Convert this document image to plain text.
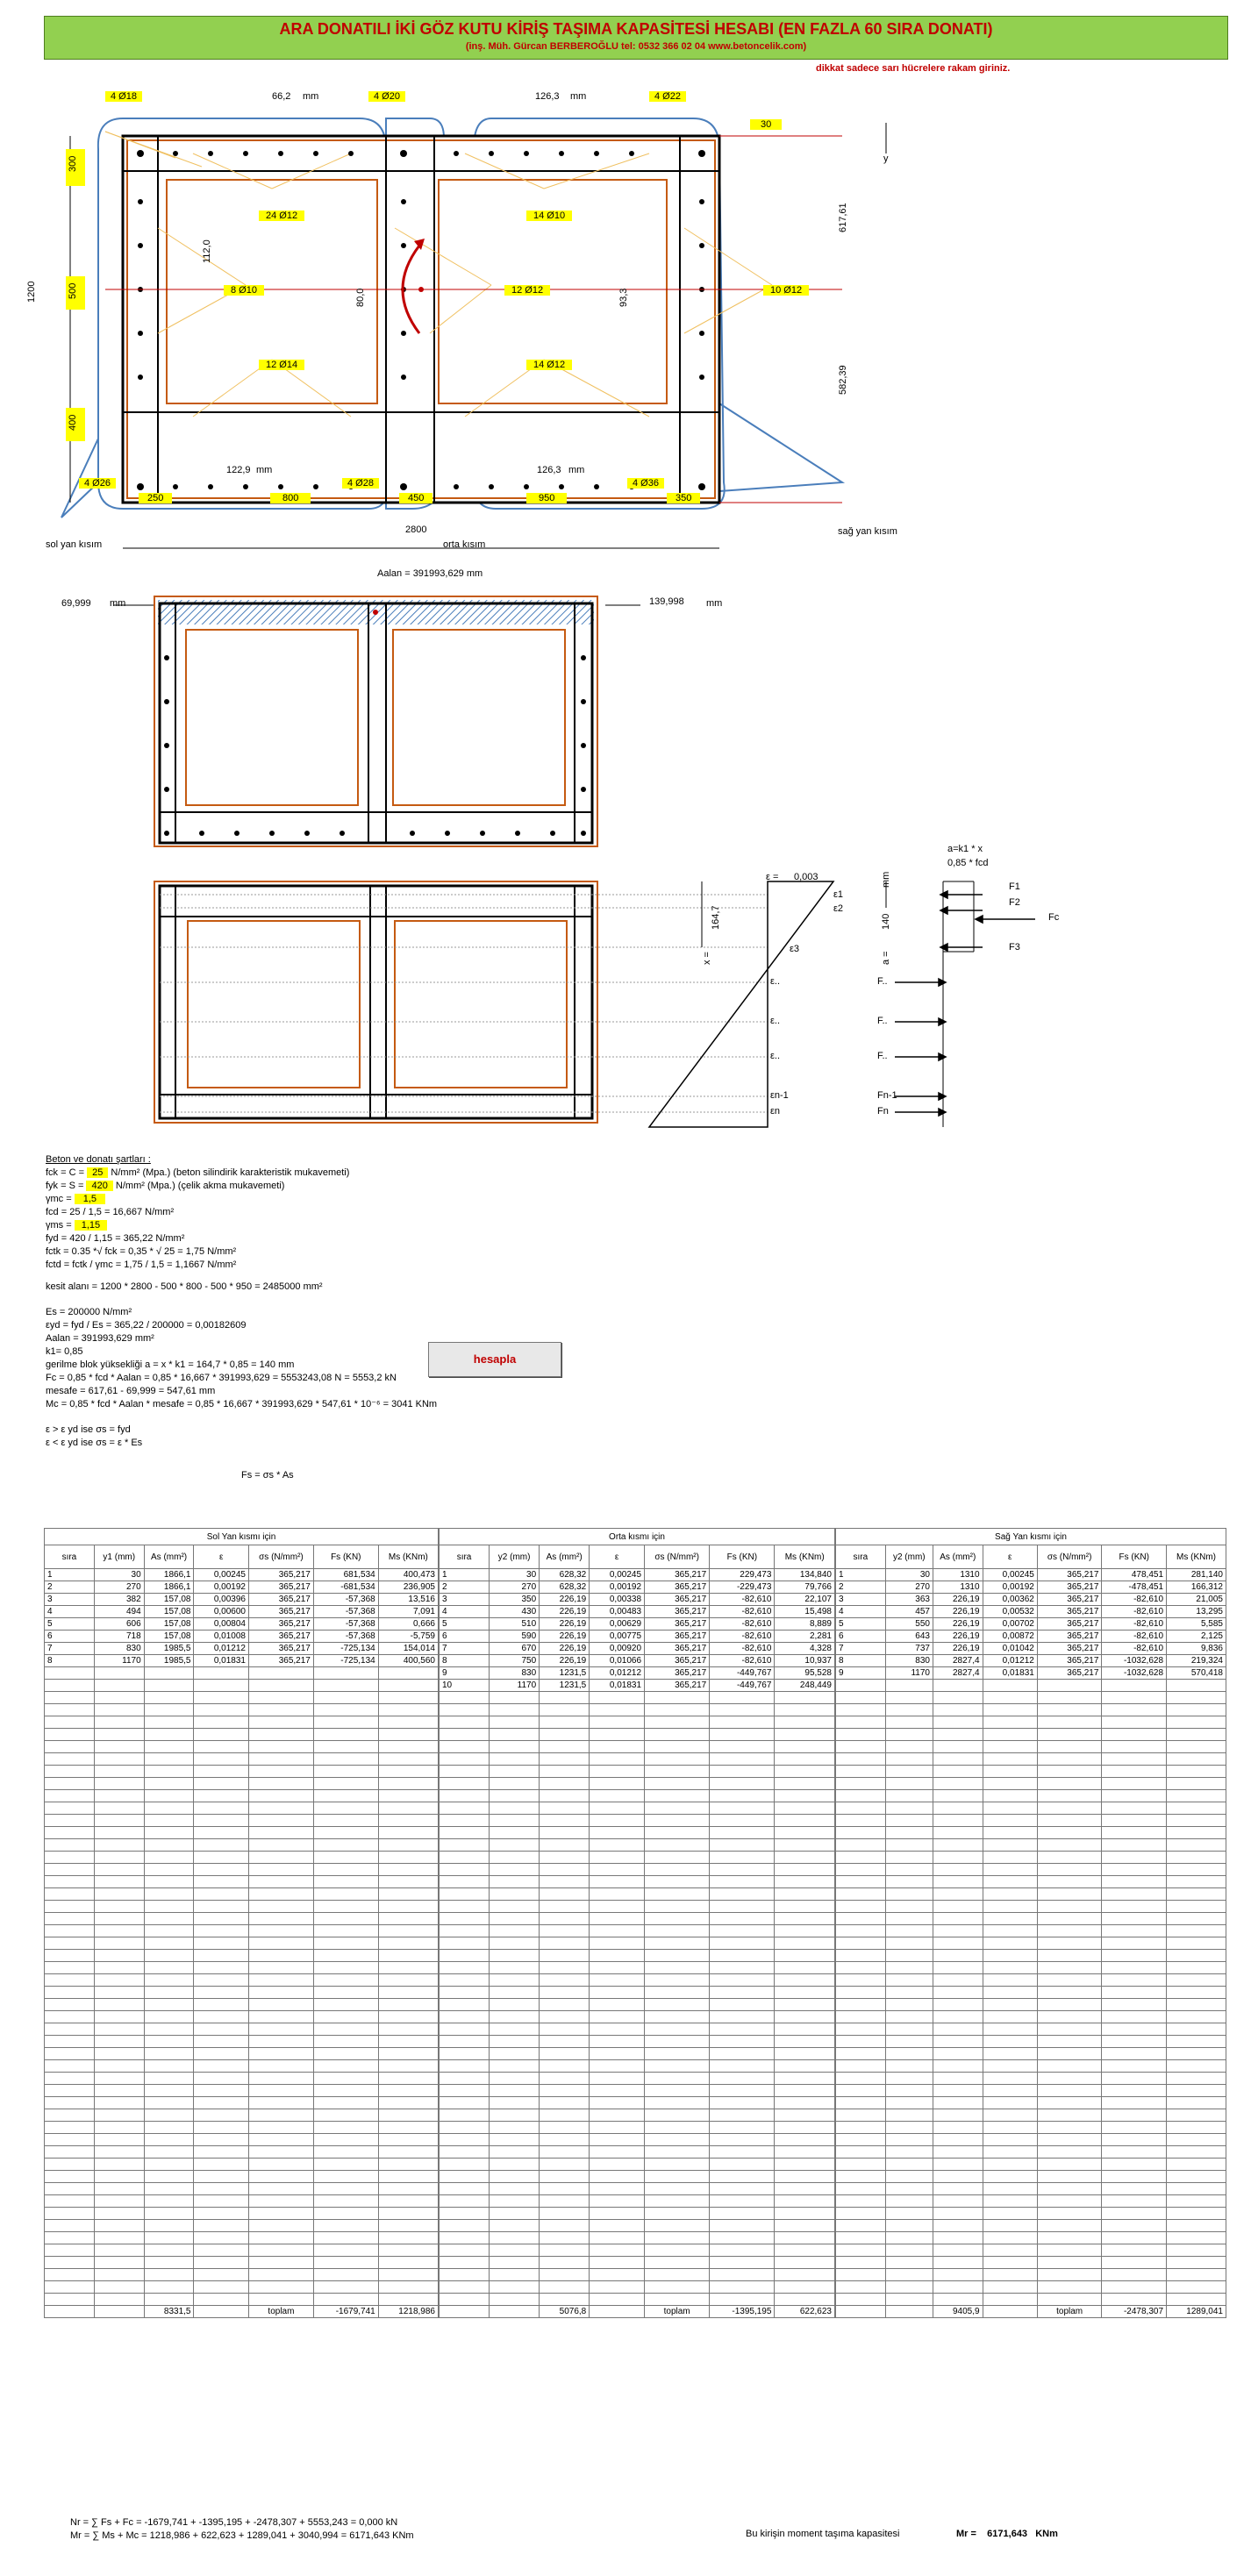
ARA DONATILI İKİ GÖZ KUTU KİRİŞ TAŞIMA KAPASİTESİ HESABI (EN FAZLA 60 SIRA DONATI)
(inş. Müh. Gürcan BERBEROĞLU tel: 0532 366 02 04 www.betoncelik.com)
dikkat sadece sarı hücrelere rakam giriniz.
4 Ø18	4 Ø20	4 Ø22
4 Ø26	4 Ø28	4 Ø36
24 Ø12
8 Ø10
12 Ø14
14 Ø10
12 Ø12	10 Ø12
14 Ø12
66,2 mm	126,3 mm
30
y
122,9 mm	126,3 mm
300
500
400
1200
112,0
80,0	93,3
617,61
582,39
250	800	450	950	350
2800
sol yan kısım	orta kısım
sağ yan kısım
Aalan = 391993,629 mm
69,999 mm	139,998 mm
ε = 0,003
ε1
ε2
ε3
ε..
ε..
ε..
εn-1
εn
F1
F2
Fc
F3
F..
F..
F..
Fn-1
Fn
a=k1 * x
0,85 * fcd
mm
140
a =
164,7
x =
Beton ve donatı şartları :
fck = C = 25 N/mm² (Mpa.) (beton silindirik karakteristik mukavemeti)
fyk = S = 420 N/mm² (Mpa.) (çelik akma mukavemeti)
γmc = 1,5
fcd = 25 / 1,5 = 16,667 N/mm²
γms = 1,15
fyd = 420 / 1,15 = 365,22 N/mm²
fctk = 0.35 *√ fck = 0,35 * √ 25 = 1,75 N/mm²
fctd = fctk / γmc = 1,75 / 1,5 = 1,1667 N/mm²
kesit alanı = 1200 * 2800 - 500 * 800 - 500 * 950 = 2485000 mm²
Es = 200000 N/mm²
εyd = fyd / Es = 365,22 / 200000 = 0,00182609
Aalan = 391993,629 mm²
k1= 0,85
gerilme blok yüksekliği a = x * k1 = 164,7 * 0,85 = 140 mm
Fc = 0,85 * fcd * Aalan = 0,85 * 16,667 * 391993,629 = 5553243,08 N = 5553,2 kN
mesafe = 617,61 - 69,999 = 547,61 mm
Mc = 0,85 * fcd * Aalan * mesafe = 0,85 * 16,667 * 391993,629 * 547,61 * 10⁻⁶ = 3041 KNm
ε > ε yd ise σs = fyd
ε < ε yd ise σs = ε * Es
Fs = σs * As
hesapla
Sol Yan kısmı için						
sıra	y1 (mm)	As (mm²)	ε	σs (N/mm²)	Fs (KN)	Ms (KNm)
1	30	1866,1	0,00245	365,217	681,534	400,473
2	270	1866,1	0,00192	365,217	-681,534	236,905
3	382	157,08	0,00396	365,217	-57,368	13,516
4	494	157,08	0,00600	365,217	-57,368	7,091
5	606	157,08	0,00804	365,217	-57,368	0,666
6	718	157,08	0,01008	365,217	-57,368	-5,759
7	830	1985,5	0,01212	365,217	-725,134	154,014
8	1170	1985,5	0,01831	365,217	-725,134	400,560

		8331,5		toplam	-1679,741	1218,986
Orta kısmı için						
sıra	y2 (mm)	As (mm²)	ε	σs (N/mm²)	Fs (KN)	Ms (KNm)
1	30	628,32	0,00245	365,217	229,473	134,840
2	270	628,32	0,00192	365,217	-229,473	79,766
3	350	226,19	0,00338	365,217	-82,610	22,107
4	430	226,19	0,00483	365,217	-82,610	15,498
5	510	226,19	0,00629	365,217	-82,610	8,889
6	590	226,19	0,00775	365,217	-82,610	2,281
7	670	226,19	0,00920	365,217	-82,610	4,328
8	750	226,19	0,01066	365,217	-82,610	10,937
9	830	1231,5	0,01212	365,217	-449,767	95,528
10	1170	1231,5	0,01831	365,217	-449,767	248,449

		5076,8		toplam	-1395,195	622,623
Sağ Yan kısmı için						
sıra	y2 (mm)	As (mm²)	ε	σs (N/mm²)	Fs (KN)	Ms (KNm)
1	30	1310	0,00245	365,217	478,451	281,140
2	270	1310	0,00192	365,217	-478,451	166,312
3	363	226,19	0,00362	365,217	-82,610	21,005
4	457	226,19	0,00532	365,217	-82,610	13,295
5	550	226,19	0,00702	365,217	-82,610	5,585
6	643	226,19	0,00872	365,217	-82,610	2,125
7	737	226,19	0,01042	365,217	-82,610	9,836
8	830	2827,4	0,01212	365,217	-1032,628	219,324
9	1170	2827,4	0,01831	365,217	-1032,628	570,418

		9405,9		toplam	-2478,307	1289,041
Nr = ∑ Fs + Fc = -1679,741 + -1395,195 + -2478,307 + 5553,243 = 0,000 kN
Mr = ∑ Ms + Mc = 1218,986 + 622,623 + 1289,041 + 3040,994 = 6171,643 KNm	Bu kirişin moment taşıma kapasitesi	Mr = 6171,643 KNm
